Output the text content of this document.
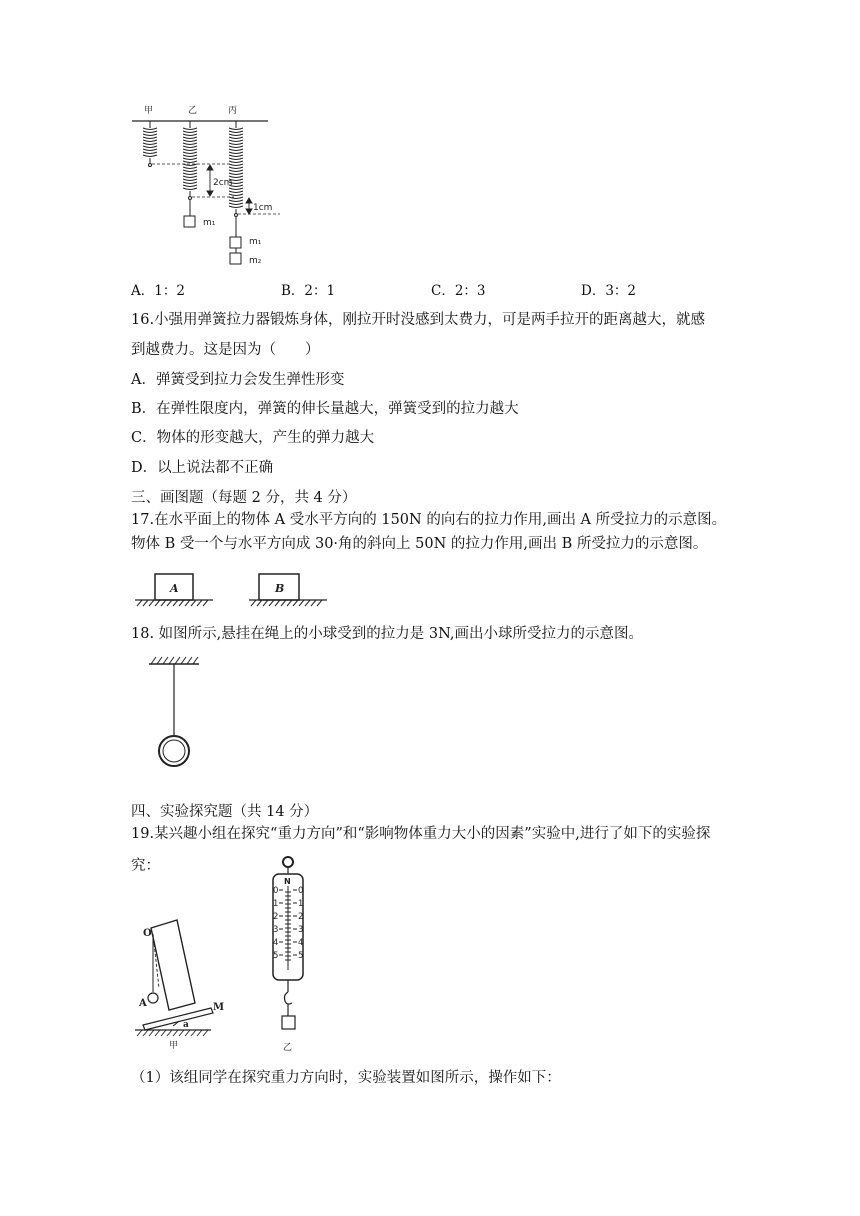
甲	乙	丙
m₁
m₁
m₂
2cm
1cm
A．1：2	B．2：1	C．2：3	D．3：2
16.小强用弹簧拉力器锻炼身体，刚拉开时没感到太费力，可是两手拉开的距离越大，就感
到越费力。这是因为（　　）
A．弹簧受到拉力会发生弹性形变
B．在弹性限度内，弹簧的伸长量越大，弹簧受到的拉力越大
C．物体的形变越大，产生的弹力越大
D．以上说法都不正确
三、画图题（每题 2 分，共 4 分）
17.在水平面上的物体 A 受水平方向的 150N 的向右的拉力作用,画出 A 所受拉力的示意图。
物体 B 受一个与水平方向成 30·角的斜向上 50N 的拉力作用,画出 B 所受拉力的示意图。
A	B
18. 如图所示,悬挂在绳上的小球受到的拉力是 3N,画出小球所受拉力的示意图。
四、实验探究题（共 14 分）
19.某兴趣小组在探究“重力方向”和“影响物体重力大小的因素”实验中,进行了如下的实验探
究：
O
A	M
a
甲
N
0
1
2
3
4
5
0
1
2
3
4
5
乙
（1）该组同学在探究重力方向时，实验装置如图所示，操作如下：
